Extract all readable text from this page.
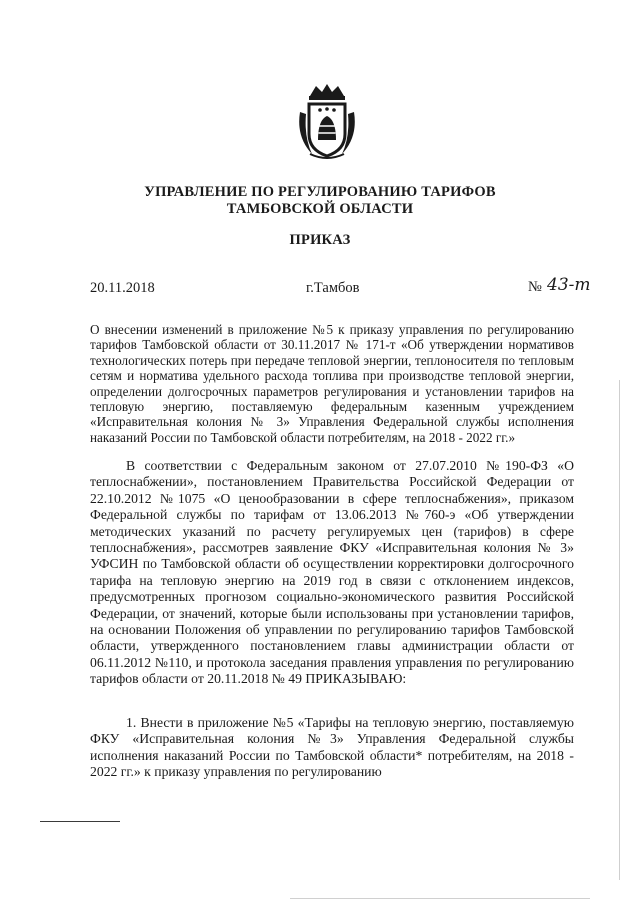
УПРАВЛЕНИЕ ПО РЕГУЛИРОВАНИЮ ТАРИФОВ
ТАМБОВСКОЙ ОБЛАСТИ
ПРИКАЗ
20.11.2018	г.Тамбов	№ 43-т
О внесении изменений в приложение №5 к приказу управления по регулированию тарифов Тамбовской области от 30.11.2017 № 171-т «Об утверждении нормативов технологических потерь при передаче тепловой энергии, теплоносителя по тепловым сетям и норматива удельного расхода топлива при производстве тепловой энергии, определении долгосрочных параметров регулирования и установлении тарифов на тепловую энергию, поставляемую федеральным казенным учреждением «Исправительная колония № 3» Управления Федеральной службы исполнения наказаний России по Тамбовской области потребителям, на 2018 - 2022 гг.»
В соответствии с Федеральным законом от 27.07.2010 №190-ФЗ «О теплоснабжении», постановлением Правительства Российской Федерации от 22.10.2012 №1075 «О ценообразовании в сфере теплоснабжения», приказом Федеральной службы по тарифам от 13.06.2013 №760-э «Об утверждении методических указаний по расчету регулируемых цен (тарифов) в сфере теплоснабжения», рассмотрев заявление ФКУ «Исправительная колония № 3» УФСИН по Тамбовской области об осуществлении корректировки долгосрочного тарифа на тепловую энергию на 2019 год в связи с отклонением индексов, предусмотренных прогнозом социально-экономического развития Российской Федерации, от значений, которые были использованы при установлении тарифов, на основании Положения об управлении по регулированию тарифов Тамбовской области, утвержденного постановлением главы администрации области от 06.11.2012 №110, и протокола заседания правления управления по регулированию тарифов области от 20.11.2018 № 49 ПРИКАЗЫВАЮ:
1. Внести в приложение №5 «Тарифы на тепловую энергию, поставляемую ФКУ «Исправительная колония №3» Управления Федеральной службы исполнения наказаний России по Тамбовской области* потребителям, на 2018 - 2022 гг.» к приказу управления по регулированию
